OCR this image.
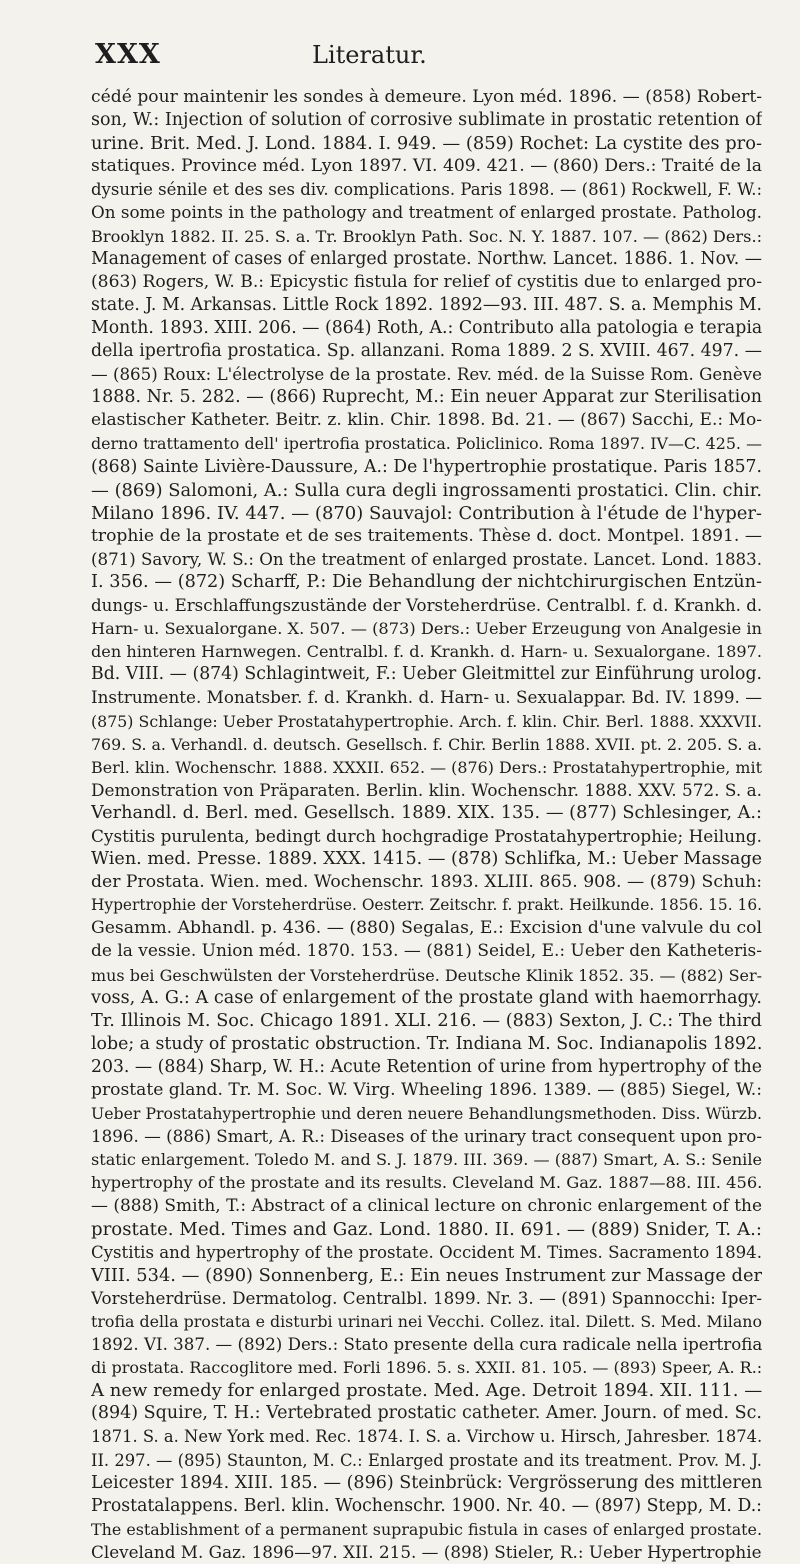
XXX	Literatur.
cédé pour maintenir les sondes à demeure. Lyon méd. 1896. — (858) Robert-
son, W.: Injection of solution of corrosive sublimate in prostatic retention of
urine. Brit. Med. J. Lond. 1884. I. 949. — (859) Rochet: La cystite des pro-
statiques. Province méd. Lyon 1897. VI. 409. 421. — (860) Ders.: Traité de la
dysurie sénile et des ses div. complications. Paris 1898. — (861) Rockwell, F. W.:
On some points in the pathology and treatment of enlarged prostate. Patholog.
Brooklyn 1882. II. 25. S. a. Tr. Brooklyn Path. Soc. N. Y. 1887. 107. — (862) Ders.:
Management of cases of enlarged prostate. Northw. Lancet. 1886. 1. Nov. —
(863) Rogers, W. B.: Epicystic fistula for relief of cystitis due to enlarged pro-
state. J. M. Arkansas. Little Rock 1892. 1892—93. III. 487. S. a. Memphis M.
Month. 1893. XIII. 206. — (864) Roth, A.: Contributo alla patologia e terapia
della ipertrofia prostatica. Sp. allanzani. Roma 1889. 2 S. XVIII. 467. 497. —
— (865) Roux: L'électrolyse de la prostate. Rev. méd. de la Suisse Rom. Genève
1888. Nr. 5. 282. — (866) Ruprecht, M.: Ein neuer Apparat zur Sterilisation
elastischer Katheter. Beitr. z. klin. Chir. 1898. Bd. 21. — (867) Sacchi, E.: Mo-
derno trattamento dell' ipertrofia prostatica. Policlinico. Roma 1897. IV—C. 425. —
(868) Sainte Livière-Daussure, A.: De l'hypertrophie prostatique. Paris 1857.
— (869) Salomoni, A.: Sulla cura degli ingrossamenti prostatici. Clin. chir.
Milano 1896. IV. 447. — (870) Sauvajol: Contribution à l'étude de l'hyper-
trophie de la prostate et de ses traitements. Thèse d. doct. Montpel. 1891. —
(871) Savory, W. S.: On the treatment of enlarged prostate. Lancet. Lond. 1883.
I. 356. — (872) Scharff, P.: Die Behandlung der nichtchirurgischen Entzün-
dungs- u. Erschlaffungszustände der Vorsteherdrüse. Centralbl. f. d. Krankh. d.
Harn- u. Sexualorgane. X. 507. — (873) Ders.: Ueber Erzeugung von Analgesie in
den hinteren Harnwegen. Centralbl. f. d. Krankh. d. Harn- u. Sexualorgane. 1897.
Bd. VIII. — (874) Schlagintweit, F.: Ueber Gleitmittel zur Einführung urolog.
Instrumente. Monatsber. f. d. Krankh. d. Harn- u. Sexualappar. Bd. IV. 1899. —
(875) Schlange: Ueber Prostatahypertrophie. Arch. f. klin. Chir. Berl. 1888. XXXVII.
769. S. a. Verhandl. d. deutsch. Gesellsch. f. Chir. Berlin 1888. XVII. pt. 2. 205. S. a.
Berl. klin. Wochenschr. 1888. XXXII. 652. — (876) Ders.: Prostatahypertrophie, mit
Demonstration von Präparaten. Berlin. klin. Wochenschr. 1888. XXV. 572. S. a.
Verhandl. d. Berl. med. Gesellsch. 1889. XIX. 135. — (877) Schlesinger, A.:
Cystitis purulenta, bedingt durch hochgradige Prostatahypertrophie; Heilung.
Wien. med. Presse. 1889. XXX. 1415. — (878) Schlifka, M.: Ueber Massage
der Prostata. Wien. med. Wochenschr. 1893. XLIII. 865. 908. — (879) Schuh:
Hypertrophie der Vorsteherdrüse. Oesterr. Zeitschr. f. prakt. Heilkunde. 1856. 15. 16.
Gesamm. Abhandl. p. 436. — (880) Segalas, E.: Excision d'une valvule du col
de la vessie. Union méd. 1870. 153. — (881) Seidel, E.: Ueber den Katheteris-
mus bei Geschwülsten der Vorsteherdrüse. Deutsche Klinik 1852. 35. — (882) Ser-
voss, A. G.: A case of enlargement of the prostate gland with haemorrhagy.
Tr. Illinois M. Soc. Chicago 1891. XLI. 216. — (883) Sexton, J. C.: The third
lobe; a study of prostatic obstruction. Tr. Indiana M. Soc. Indianapolis 1892.
203. — (884) Sharp, W. H.: Acute Retention of urine from hypertrophy of the
prostate gland. Tr. M. Soc. W. Virg. Wheeling 1896. 1389. — (885) Siegel, W.:
Ueber Prostatahypertrophie und deren neuere Behandlungsmethoden. Diss. Würzb.
1896. — (886) Smart, A. R.: Diseases of the urinary tract consequent upon pro-
static enlargement. Toledo M. and S. J. 1879. III. 369. — (887) Smart, A. S.: Senile
hypertrophy of the prostate and its results. Cleveland M. Gaz. 1887—88. III. 456.
— (888) Smith, T.: Abstract of a clinical lecture on chronic enlargement of the
prostate. Med. Times and Gaz. Lond. 1880. II. 691. — (889) Snider, T. A.:
Cystitis and hypertrophy of the prostate. Occident M. Times. Sacramento 1894.
VIII. 534. — (890) Sonnenberg, E.: Ein neues Instrument zur Massage der
Vorsteherdrüse. Dermatolog. Centralbl. 1899. Nr. 3. — (891) Spannocchi: Iper-
trofia della prostata e disturbi urinari nei Vecchi. Collez. ital. Dilett. S. Med. Milano
1892. VI. 387. — (892) Ders.: Stato presente della cura radicale nella ipertrofia
di prostata. Raccoglitore med. Forli 1896. 5. s. XXII. 81. 105. — (893) Speer, A. R.:
A new remedy for enlarged prostate. Med. Age. Detroit 1894. XII. 111. —
(894) Squire, T. H.: Vertebrated prostatic catheter. Amer. Journ. of med. Sc.
1871. S. a. New York med. Rec. 1874. I. S. a. Virchow u. Hirsch, Jahresber. 1874.
II. 297. — (895) Staunton, M. C.: Enlarged prostate and its treatment. Prov. M. J.
Leicester 1894. XIII. 185. — (896) Steinbrück: Vergrösserung des mittleren
Prostatalappens. Berl. klin. Wochenschr. 1900. Nr. 40. — (897) Stepp, M. D.:
The establishment of a permanent suprapubic fistula in cases of enlarged prostate.
Cleveland M. Gaz. 1896—97. XII. 215. — (898) Stieler, R.: Ueber Hypertrophie
